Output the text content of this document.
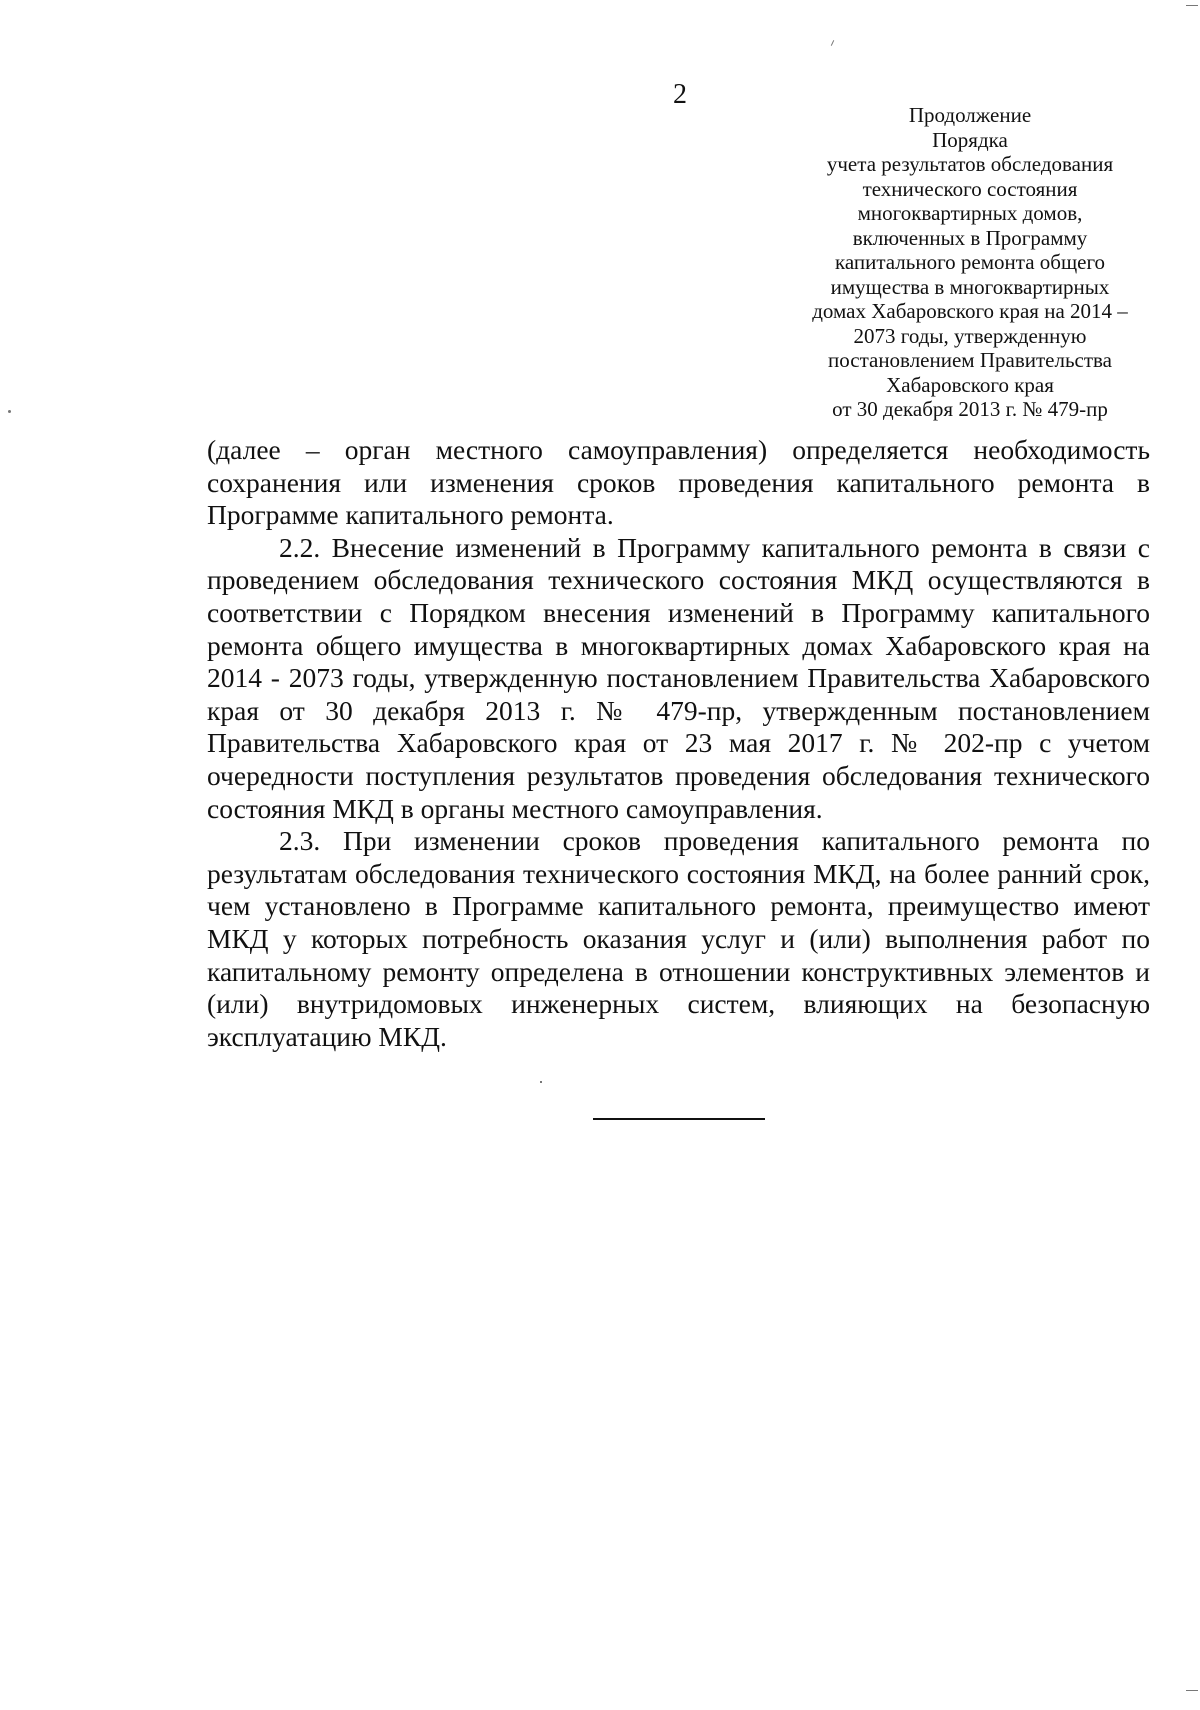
2
Продолжение
Порядка
учета результатов обследования
технического состояния
многоквартирных домов,
включенных в Программу
капитального ремонта общего
имущества в многоквартирных
домах Хабаровского края на 2014 –
2073 годы, утвержденную
постановлением Правительства
Хабаровского края
от 30 декабря 2013 г. № 479-пр

(далее – орган местного самоуправления) определяется необходимость сохранения или изменения сроков проведения капитального ремонта в Программе капитального ремонта.

2.2. Внесение изменений в Программу капитального ремонта в связи с проведением обследования технического состояния МКД осуществляются в соответствии с Порядком внесения изменений в Программу капитального ремонта общего имущества в многоквартирных домах Хабаровского края на 2014 - 2073 годы, утвержденную постановлением Правительства Хабаровского края от 30 декабря 2013 г. № 479-пр, утвержденным постановлением Правительства Хабаровского края от 23 мая 2017 г. № 202-пр с учетом очередности поступления результатов проведения обследования технического состояния МКД в органы местного самоуправления.

2.3. При изменении сроков проведения капитального ремонта по результатам обследования технического состояния МКД, на более ранний срок, чем установлено в Программе капитального ремонта, преимущество имеют МКД у которых потребность оказания услуг и (или) выполнения работ по капитальному ремонту определена в отношении конструктивных элементов и (или) внутридомовых инженерных систем, влияющих на безопасную эксплуатацию МКД.
